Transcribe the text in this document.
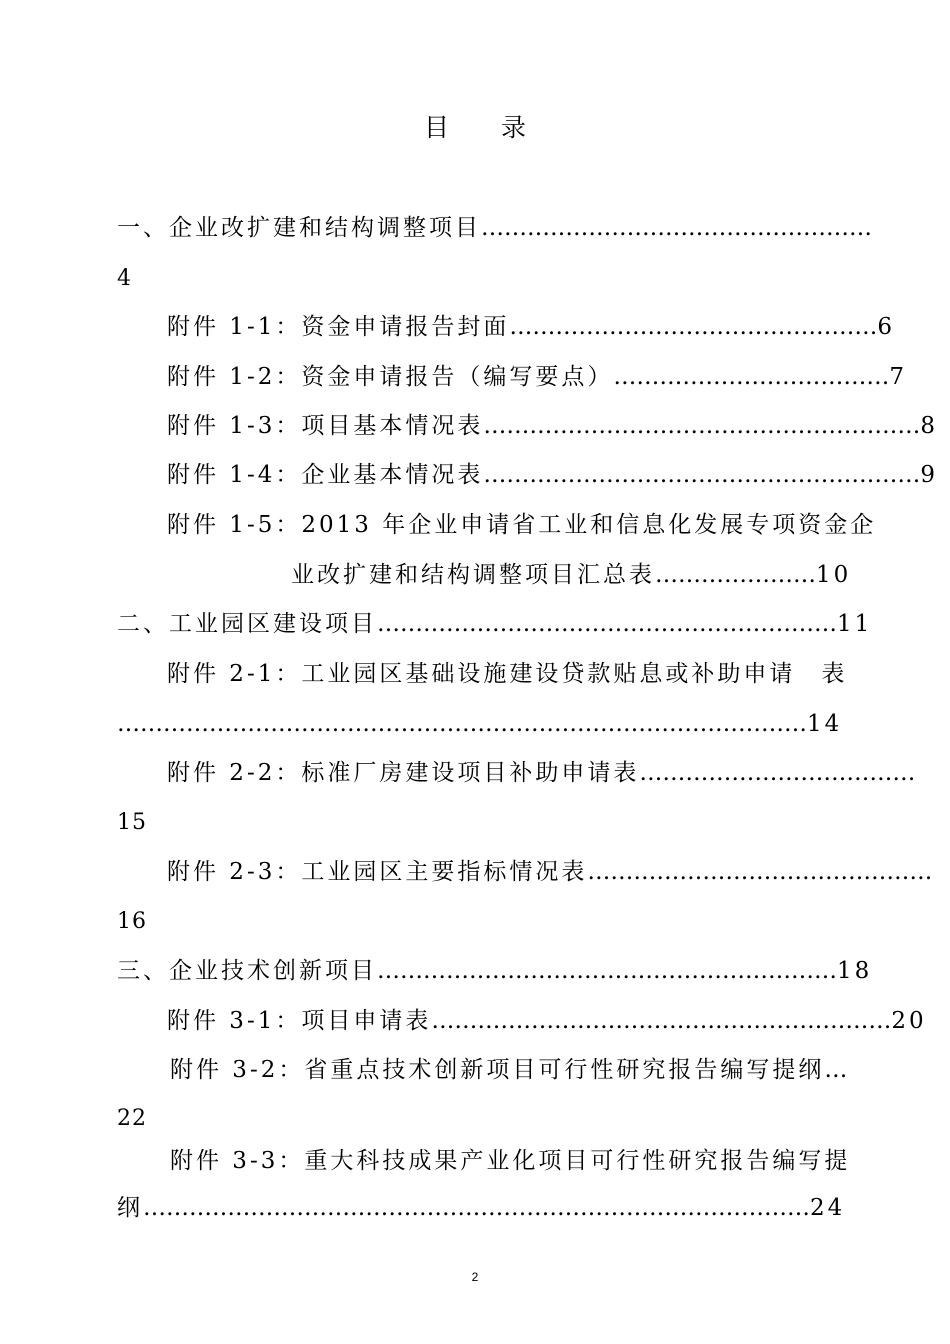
目 录
一、企业改扩建和结构调整项目……………………………………………
4
附件 1-1：资金申请报告封面…………………………………………6
附件 1-2：资金申请报告（编写要点）………………………………7
附件 1-3：项目基本情况表…………………………………………………8
附件 1-4：企业基本情况表…………………………………………………9
附件 1-5：2013 年企业申请省工业和信息化发展专项资金企
业改扩建和结构调整项目汇总表…………………10
二、工业园区建设项目……………………………………………………11
附件 2-1：工业园区基础设施建设贷款贴息或补助申请　表
………………………………………………………………………………14
附件 2-2：标准厂房建设项目补助申请表………………………………
15
附件 2-3：工业园区主要指标情况表………………………………………
16
三、企业技术创新项目……………………………………………………18
附件 3-1：项目申请表……………………………………………………20
附件 3-2：省重点技术创新项目可行性研究报告编写提纲…
22
附件 3-3：重大科技成果产业化项目可行性研究报告编写提
纲……………………………………………………………………………24
2
